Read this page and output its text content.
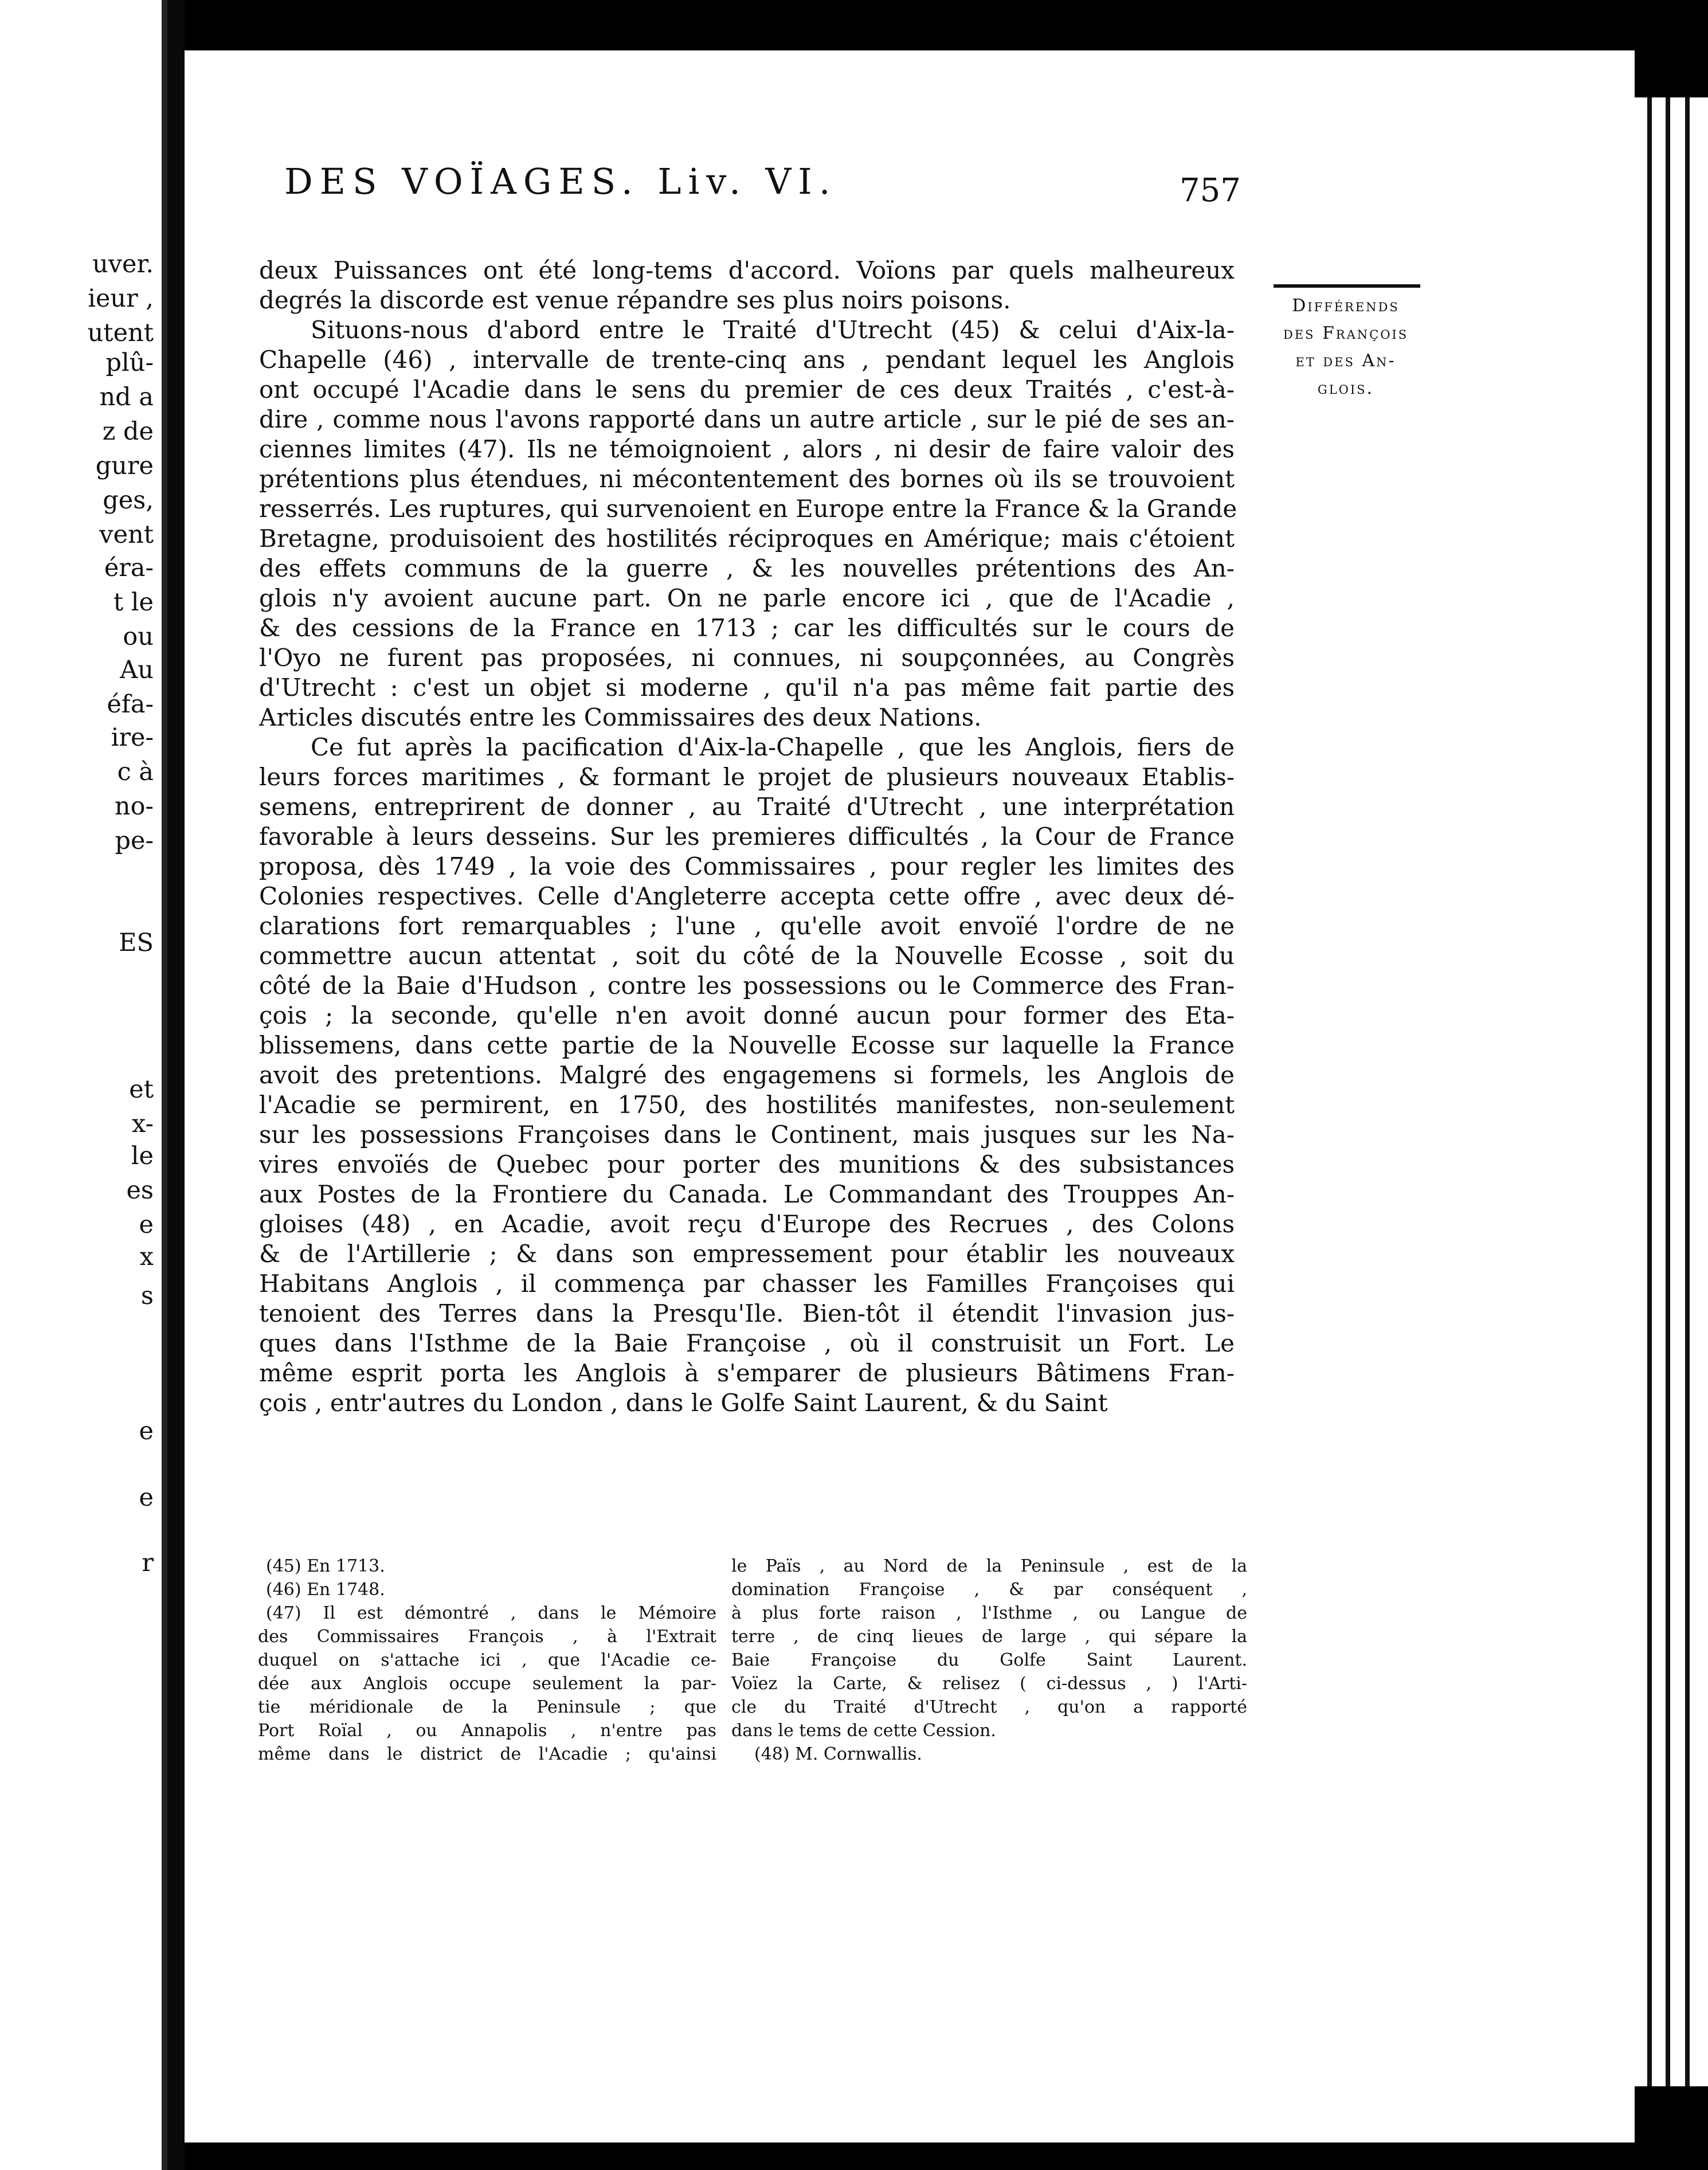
uver.
ieur ,
utent
plû-
nd a
z de
gure
ges,
vent
éra-
t le
ou
Au
éfa-
ire-
c à
no-
pe-
ES
et
x-
le
es
e
x
s
e
e
r
DES VOÏAGES. Liv. VI.	757
Différends
des François
et des An-
glois.

deux Puissances ont été long-tems d'accord. Voïons par quels malheureux
degrés la discorde est venue répandre ses plus noirs poisons.

Situons-nous d'abord entre le Traité d'Utrecht (45) & celui d'Aix-la-
Chapelle (46) , intervalle de trente-cinq ans , pendant lequel les Anglois
ont occupé l'Acadie dans le sens du premier de ces deux Traités , c'est-à-
dire , comme nous l'avons rapporté dans un autre article , sur le pié de ses an-
ciennes limites (47). Ils ne témoignoient , alors , ni desir de faire valoir des
prétentions plus étendues, ni mécontentement des bornes où ils se trouvoient
resserrés. Les ruptures, qui survenoient en Europe entre la France & la Grande
Bretagne, produisoient des hostilités réciproques en Amérique; mais c'étoient
des effets communs de la guerre , & les nouvelles prétentions des An-
glois n'y avoient aucune part. On ne parle encore ici , que de l'Acadie ,
& des cessions de la France en 1713 ; car les difficultés sur le cours de
l'Oyo ne furent pas proposées, ni connues, ni soupçonnées, au Congrès
d'Utrecht : c'est un objet si moderne , qu'il n'a pas même fait partie des
Articles discutés entre les Commissaires des deux Nations.

Ce fut après la pacification d'Aix-la-Chapelle , que les Anglois, fiers de
leurs forces maritimes , & formant le projet de plusieurs nouveaux Etablis-
semens, entreprirent de donner , au Traité d'Utrecht , une interprétation
favorable à leurs desseins. Sur les premieres difficultés , la Cour de France
proposa, dès 1749 , la voie des Commissaires , pour regler les limites des
Colonies respectives. Celle d'Angleterre accepta cette offre , avec deux dé-
clarations fort remarquables ; l'une , qu'elle avoit envoïé l'ordre de ne
commettre aucun attentat , soit du côté de la Nouvelle Ecosse , soit du
côté de la Baie d'Hudson , contre les possessions ou le Commerce des Fran-
çois ; la seconde, qu'elle n'en avoit donné aucun pour former des Eta-
blissemens, dans cette partie de la Nouvelle Ecosse sur laquelle la France
avoit des pretentions. Malgré des engagemens si formels, les Anglois de
l'Acadie se permirent, en 1750, des hostilités manifestes, non-seulement
sur les possessions Françoises dans le Continent, mais jusques sur les Na-
vires envoïés de Quebec pour porter des munitions & des subsistances
aux Postes de la Frontiere du Canada. Le Commandant des Trouppes An-
gloises (48) , en Acadie, avoit reçu d'Europe des Recrues , des Colons
& de l'Artillerie ; & dans son empressement pour établir les nouveaux
Habitans Anglois , il commença par chasser les Familles Françoises qui
tenoient des Terres dans la Presqu'Ile. Bien-tôt il étendit l'invasion jus-
ques dans l'Isthme de la Baie Françoise , où il construisit un Fort. Le
même esprit porta les Anglois à s'emparer de plusieurs Bâtimens Fran-
çois , entr'autres du London , dans le Golfe Saint Laurent, & du Saint

(45) En 1713.
(46) En 1748.
(47) Il est démontré , dans le Mémoire
des Commissaires François , à l'Extrait
duquel on s'attache ici , que l'Acadie ce-
dée aux Anglois occupe seulement la par-
tie méridionale de la Peninsule ; que
Port Roïal , ou Annapolis , n'entre pas
même dans le district de l'Acadie ; qu'ainsi
le Païs , au Nord de la Peninsule , est de la
domination Françoise , & par conséquent ,
à plus forte raison , l'Isthme , ou Langue de
terre , de cinq lieues de large , qui sépare la
Baie Françoise du Golfe Saint Laurent.
Voïez la Carte, & relisez ( ci-dessus , ) l'Arti-
cle du Traité d'Utrecht , qu'on a rapporté
dans le tems de cette Cession.
(48) M. Cornwallis.
